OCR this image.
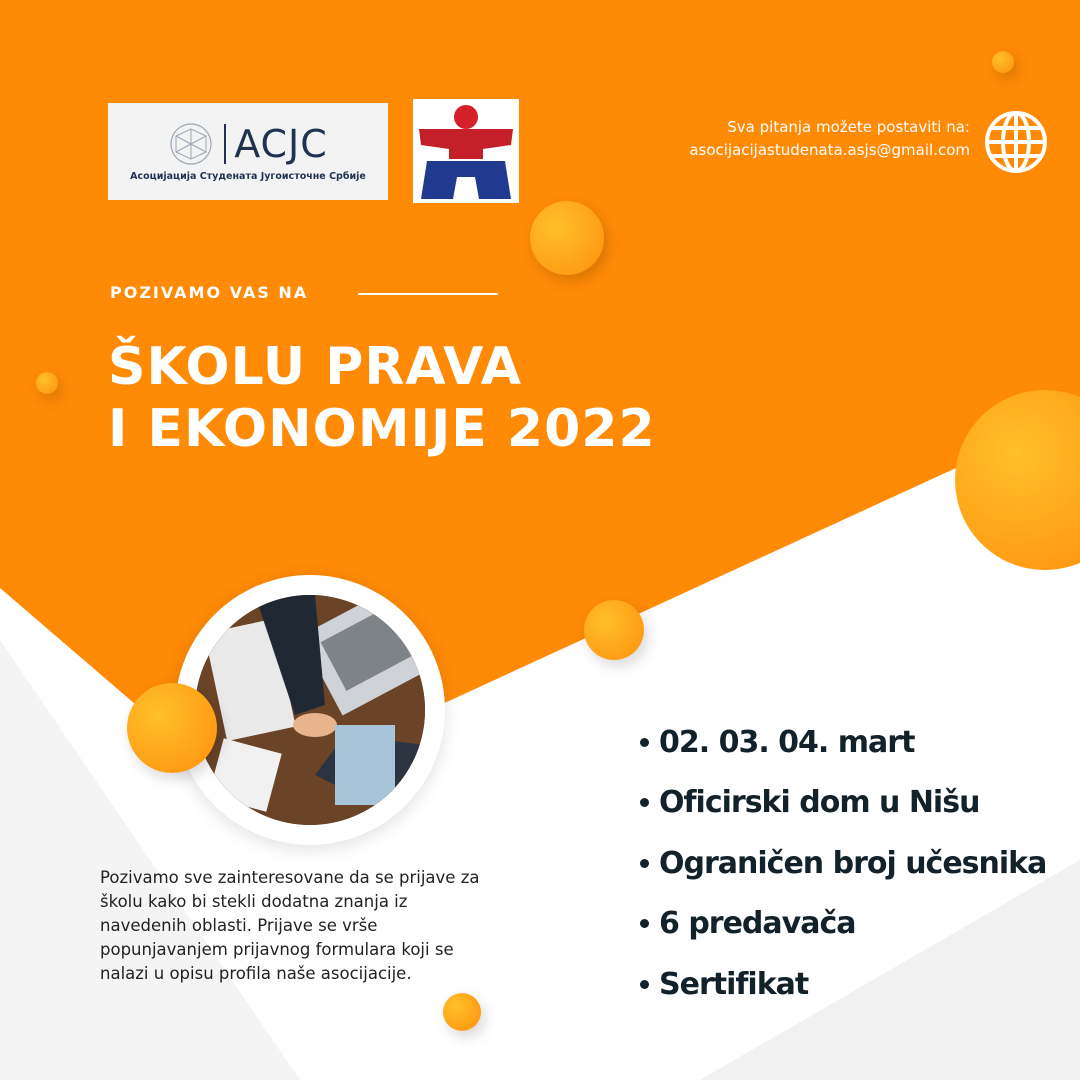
ACJC
Асоцијација Студената Југоисточне Србије
Sva pitanja možete postaviti na:
asocijacijastudenata.asjs@gmail.com
POZIVAMO VAS NA
ŠKOLU PRAVA
I EKONOMIJE 2022
Pozivamo sve zainteresovane da se prijave za školu kako bi stekli dodatna znanja iz navedenih oblasti. Prijave se vrše popunjavanjem prijavnog formulara koji se nalazi u opisu profila naše asocijacije.
02. 03. 04. mart
Oficirski dom u Nišu
Ograničen broj učesnika
6 predavača
Sertifikat
